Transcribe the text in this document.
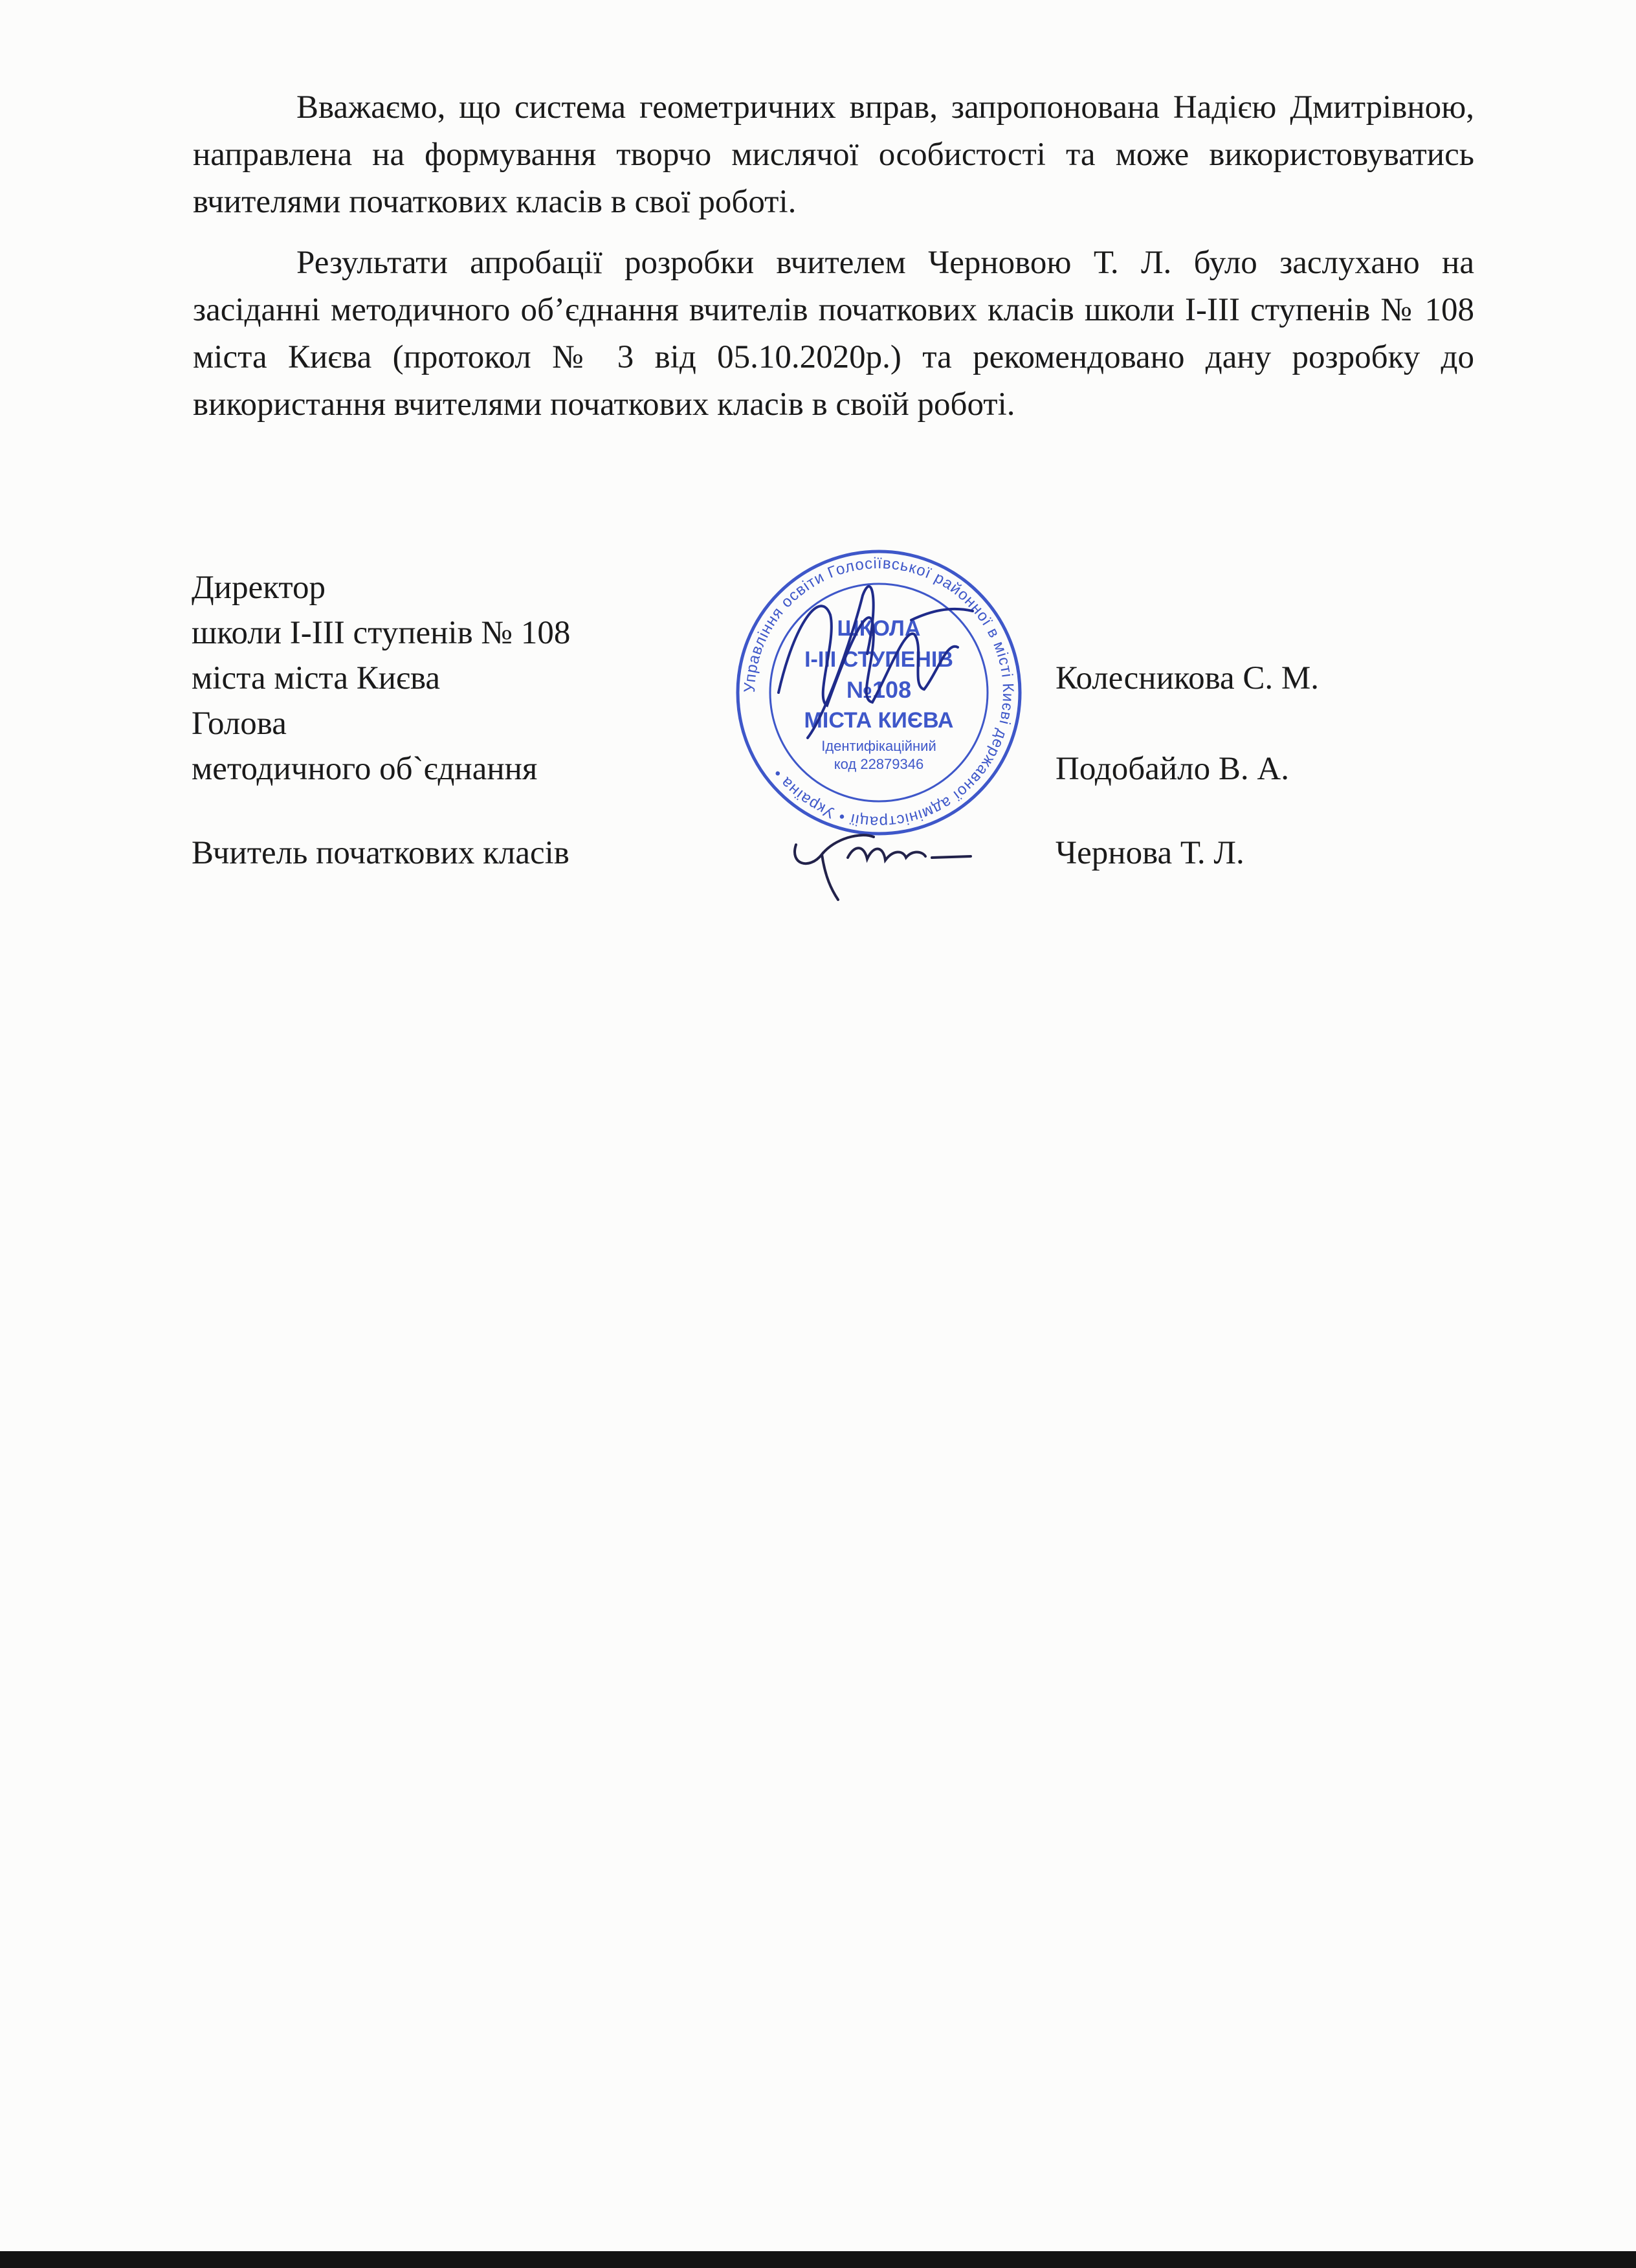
Вважаємо, що система геометричних вправ, запропонована Надією Дмитрівною, направлена на формування творчо мислячої особистості та може використовуватись вчителями початкових класів в свої роботі.

Результати апробації розробки вчителем Черновою Т. Л. було заслухано на засіданні методичного об’єднання вчителів початкових класів школи І-ІІІ ступенів № 108 міста Києва (протокол № 3 від 05.10.2020р.) та рекомендовано дану розробку до використання вчителями початкових класів в своїй роботі.

Директор
школи І-ІІІ ступенів № 108
міста міста Києва
Голова
методичного об`єднання
Вчитель початкових класів
Колесникова С. М.
Подобайло В. А.
Чернова Т. Л.
Управління освіти Голосіївської районної в місті Києві державної адміністрації • Україна •
ШКОЛА
І-ІІІ СТУПЕНІВ
№108
МІСТА КИЄВА
Ідентифікаційний
код 22879346
